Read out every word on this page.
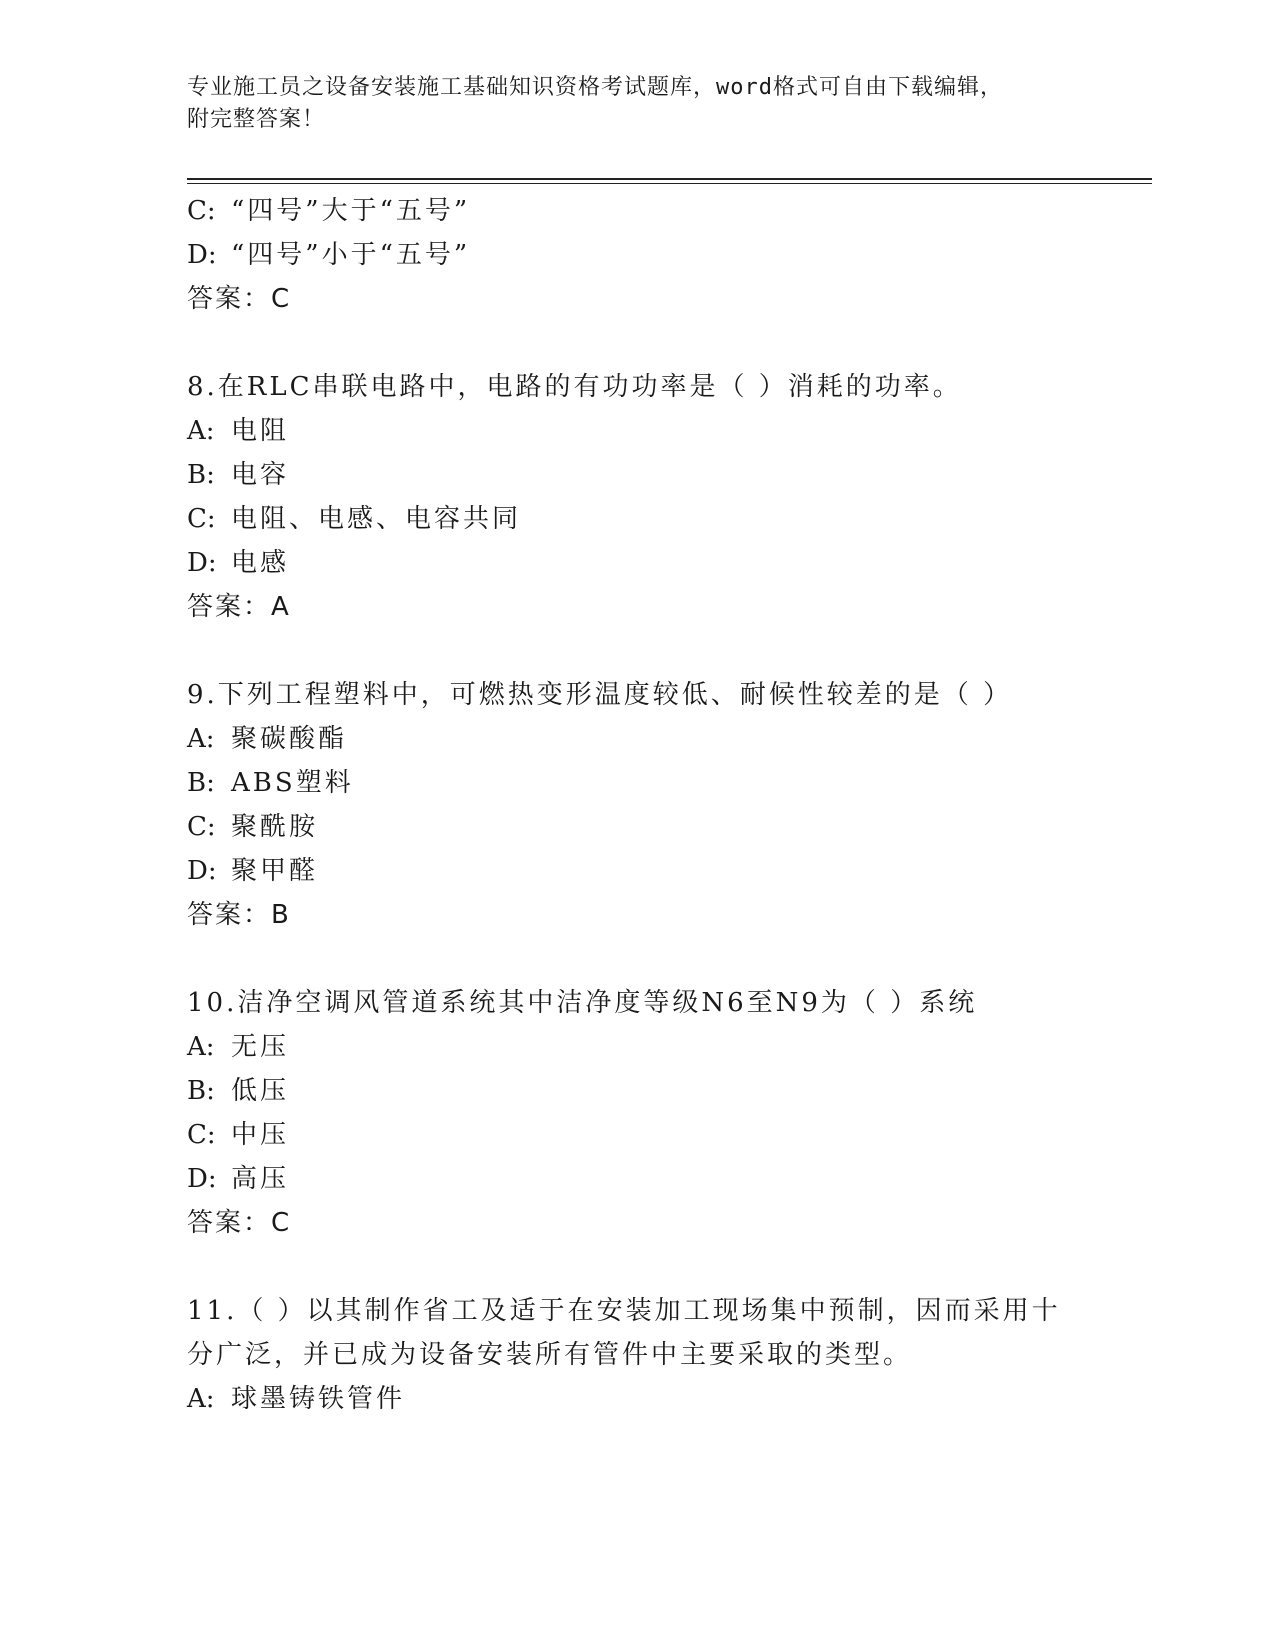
专业施工员之设备安装施工基础知识资格考试题库，word格式可自由下载编辑，
附完整答案！
C: “四号”大于“五号”
D: “四号”小于“五号”
答案：C
8.在RLC串联电路中，电路的有功功率是（ ）消耗的功率。
A: 电阻
B: 电容
C: 电阻、电感、电容共同
D: 电感
答案：A
9.下列工程塑料中，可燃热变形温度较低、耐候性较差的是（ ）
A: 聚碳酸酯
B: ABS塑料
C: 聚酰胺
D: 聚甲醛
答案：B
10.洁净空调风管道系统其中洁净度等级N6至N9为（ ）系统
A: 无压
B: 低压
C: 中压
D: 高压
答案：C
11.（ ）以其制作省工及适于在安装加工现场集中预制，因而采用十
分广泛，并已成为设备安装所有管件中主要采取的类型。
A: 球墨铸铁管件
